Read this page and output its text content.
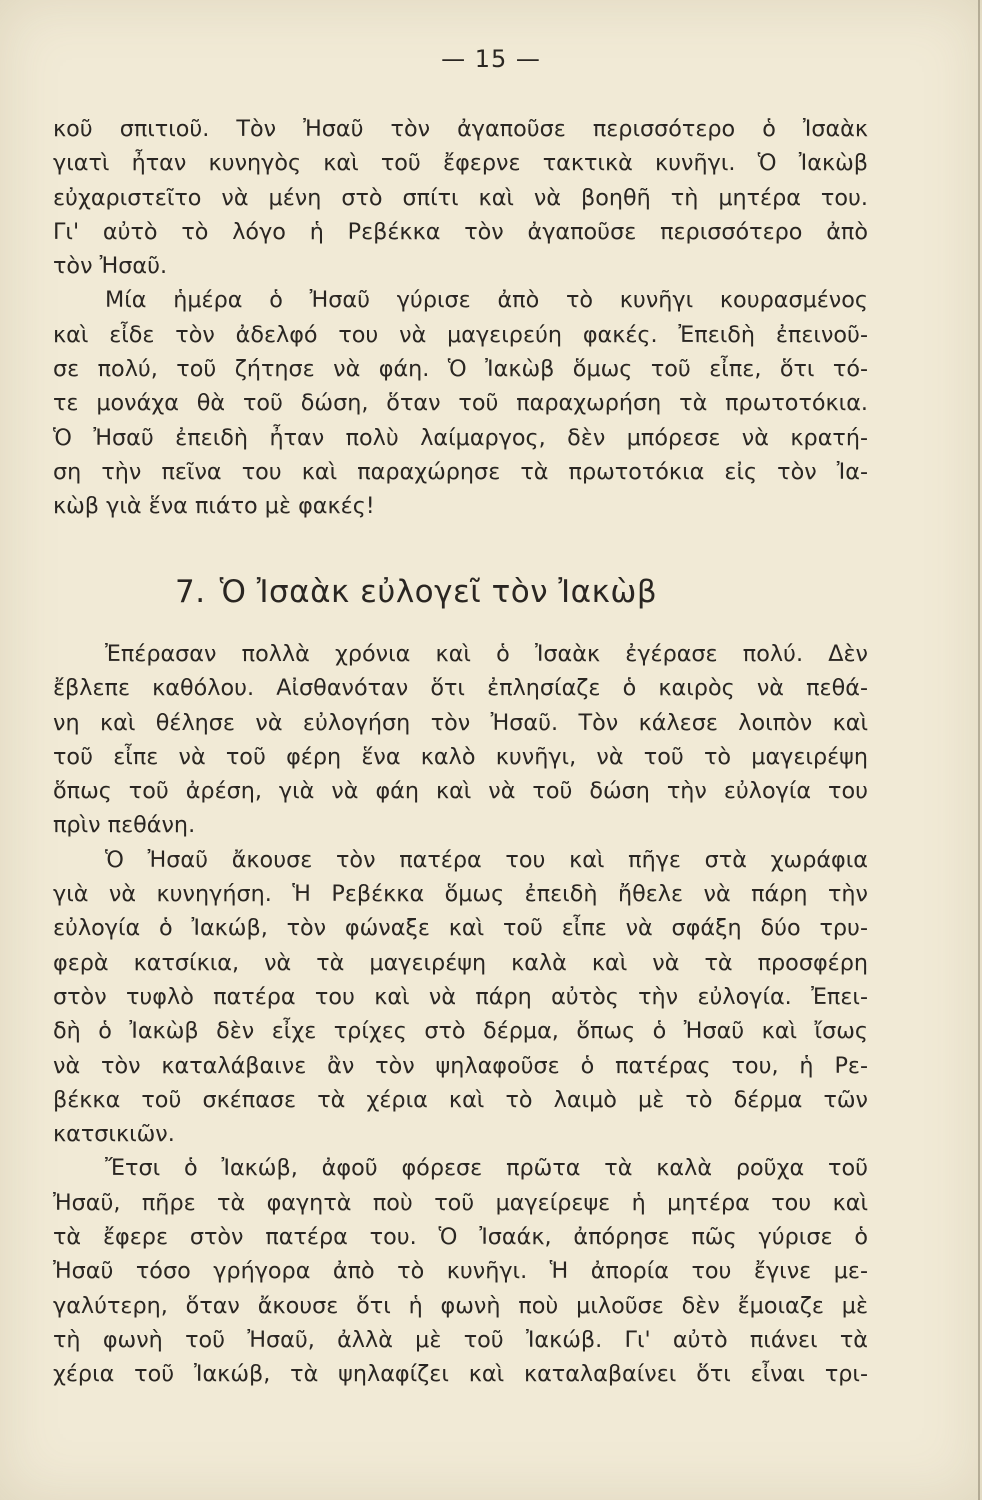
— 15 —
κοῦ σπιτιοῦ. Τὸν Ἠσαῦ τὸν ἀγαποῦσε περισσότερο ὁ Ἰσαὰκ
γιατὶ ἦταν κυνηγὸς καὶ τοῦ ἔφερνε τακτικὰ κυνῆγι. Ὁ Ἰακὼβ
εὐχαριστεῖτο νὰ μένη στὸ σπίτι καὶ νὰ βοηθῆ τὴ μητέρα του.
Γι' αὐτὸ τὸ λόγο ἡ Ρεβέκκα τὸν ἀγαποῦσε περισσότερο ἀπὸ
τὸν Ἠσαῦ.
Μία ἡμέρα ὁ Ἠσαῦ γύρισε ἀπὸ τὸ κυνῆγι κουρασμένος
καὶ εἶδε τὸν ἀδελφό του νὰ μαγειρεύη φακές. Ἐπειδὴ ἐπεινοῦ-
σε πολύ, τοῦ ζήτησε νὰ φάη. Ὁ Ἰακὼβ ὅμως τοῦ εἶπε, ὅτι τό-
τε μονάχα θὰ τοῦ δώση, ὅταν τοῦ παραχωρήση τὰ πρωτοτόκια.
Ὁ Ἠσαῦ ἐπειδὴ ἦταν πολὺ λαίμαργος, δὲν μπόρεσε νὰ κρατή-
ση τὴν πεῖνα του καὶ παραχώρησε τὰ πρωτοτόκια εἰς τὸν Ἰα-
κὼβ γιὰ ἕνα πιάτο μὲ φακές!
7. Ὁ Ἰσαὰκ εὐλογεῖ τὸν Ἰακὼβ
Ἐπέρασαν πολλὰ χρόνια καὶ ὁ Ἰσαὰκ ἐγέρασε πολύ. Δὲν
ἔβλεπε καθόλου. Αἰσθανόταν ὅτι ἐπλησίαζε ὁ καιρὸς νὰ πεθά-
νη καὶ θέλησε νὰ εὐλογήση τὸν Ἠσαῦ. Τὸν κάλεσε λοιπὸν καὶ
τοῦ εἶπε νὰ τοῦ φέρη ἕνα καλὸ κυνῆγι, νὰ τοῦ τὸ μαγειρέψη
ὅπως τοῦ ἀρέση, γιὰ νὰ φάη καὶ νὰ τοῦ δώση τὴν εὐλογία του
πρὶν πεθάνη.
Ὁ Ἠσαῦ ἄκουσε τὸν πατέρα του καὶ πῆγε στὰ χωράφια
γιὰ νὰ κυνηγήση. Ἡ Ρεβέκκα ὅμως ἐπειδὴ ἤθελε νὰ πάρη τὴν
εὐλογία ὁ Ἰακώβ, τὸν φώναξε καὶ τοῦ εἶπε νὰ σφάξη δύο τρυ-
φερὰ κατσίκια, νὰ τὰ μαγειρέψη καλὰ καὶ νὰ τὰ προσφέρη
στὸν τυφλὸ πατέρα του καὶ νὰ πάρη αὐτὸς τὴν εὐλογία. Ἐπει-
δὴ ὁ Ἰακὼβ δὲν εἶχε τρίχες στὸ δέρμα, ὅπως ὁ Ἠσαῦ καὶ ἴσως
νὰ τὸν καταλάβαινε ἂν τὸν ψηλαφοῦσε ὁ πατέρας του, ἡ Ρε-
βέκκα τοῦ σκέπασε τὰ χέρια καὶ τὸ λαιμὸ μὲ τὸ δέρμα τῶν
κατσικιῶν.
Ἔτσι ὁ Ἰακώβ, ἀφοῦ φόρεσε πρῶτα τὰ καλὰ ροῦχα τοῦ
Ἠσαῦ, πῆρε τὰ φαγητὰ ποὺ τοῦ μαγείρεψε ἡ μητέρα του καὶ
τὰ ἔφερε στὸν πατέρα του. Ὁ Ἰσαάκ, ἀπόρησε πῶς γύρισε ὁ
Ἠσαῦ τόσο γρήγορα ἀπὸ τὸ κυνῆγι. Ἡ ἀπορία του ἔγινε με-
γαλύτερη, ὅταν ἄκουσε ὅτι ἡ φωνὴ ποὺ μιλοῦσε δὲν ἔμοιαζε μὲ
τὴ φωνὴ τοῦ Ἠσαῦ, ἀλλὰ μὲ τοῦ Ἰακώβ. Γι' αὐτὸ πιάνει τὰ
χέρια τοῦ Ἰακώβ, τὰ ψηλαφίζει καὶ καταλαβαίνει ὅτι εἶναι τρι-
